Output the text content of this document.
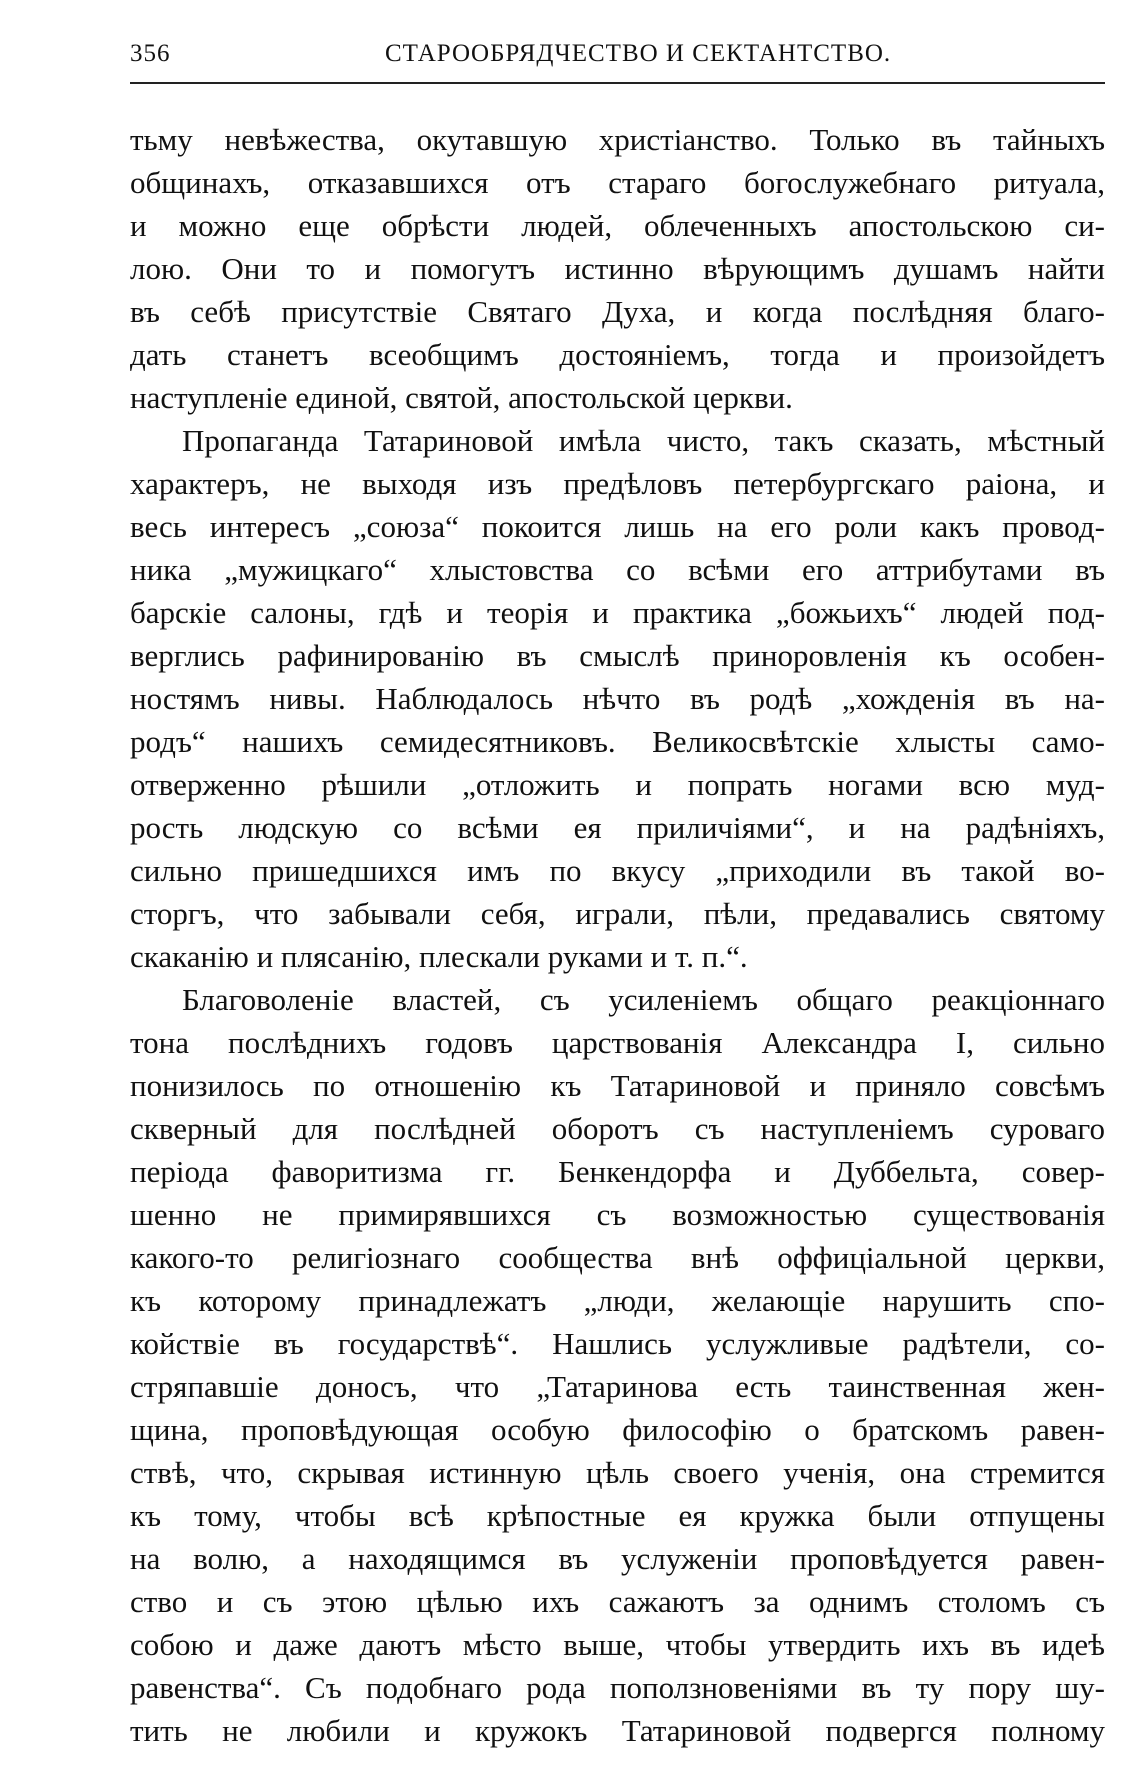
356	СТАРООБРЯДЧЕСТВО И СЕКТАНТСТВО.
тьму невѣжества, окутавшую христіанство. Только въ тайныхъ
общинахъ, отказавшихся отъ стараго богослужебнаго ритуала,
и можно еще обрѣсти людей, облеченныхъ апостольскою си-
лою. Они то и помогутъ истинно вѣрующимъ душамъ найти
въ себѣ присутствіе Святаго Духа, и когда послѣдняя благо-
дать станетъ всеобщимъ достояніемъ, тогда и произойдетъ
наступленіе единой, святой, апостольской церкви.
Пропаганда Татариновой имѣла чисто, такъ сказать, мѣстный
характеръ, не выходя изъ предѣловъ петербургскаго раіона, и
весь интересъ „союза“ покоится лишь на его роли какъ провод-
ника „мужицкаго“ хлыстовства со всѣми его аттрибутами въ
барскіе салоны, гдѣ и теорія и практика „божьихъ“ людей под-
верглись рафинированію въ смыслѣ приноровленія къ особен-
ностямъ нивы. Наблюдалось нѣчто въ родѣ „хожденія въ на-
родъ“ нашихъ семидесятниковъ. Великосвѣтскіе хлысты само-
отверженно рѣшили „отложить и попрать ногами всю муд-
рость людскую со всѣми ея приличіями“, и на радѣніяхъ,
сильно пришедшихся имъ по вкусу „приходили въ такой во-
сторгъ, что забывали себя, играли, пѣли, предавались святому
скаканію и плясанію, плескали руками и т. п.“.
Благоволеніе властей, съ усиленіемъ общаго реакціоннаго
тона послѣднихъ годовъ царствованія Александра I, сильно
понизилось по отношенію къ Татариновой и приняло совсѣмъ
скверный для послѣдней оборотъ съ наступленіемъ суроваго
періода фаворитизма гг. Бенкендорфа и Дуббельта, совер-
шенно не примирявшихся съ возможностью существованія
какого-то религіознаго сообщества внѣ оффиціальной церкви,
къ которому принадлежатъ „люди, желающіе нарушить спо-
койствіе въ государствѣ“. Нашлись услужливые радѣтели, со-
стряпавшіе доносъ, что „Татаринова есть таинственная жен-
щина, проповѣдующая особую философію о братскомъ равен-
ствѣ, что, скрывая истинную цѣль своего ученія, она стремится
къ тому, чтобы всѣ крѣпостные ея кружка были отпущены
на волю, а находящимся въ услуженіи проповѣдуется равен-
ство и съ этою цѣлью ихъ сажаютъ за однимъ столомъ съ
собою и даже даютъ мѣсто выше, чтобы утвердить ихъ въ идеѣ
равенства“. Съ подобнаго рода поползновеніями въ ту пору шу-
тить не любили и кружокъ Татариновой подвергся полному
